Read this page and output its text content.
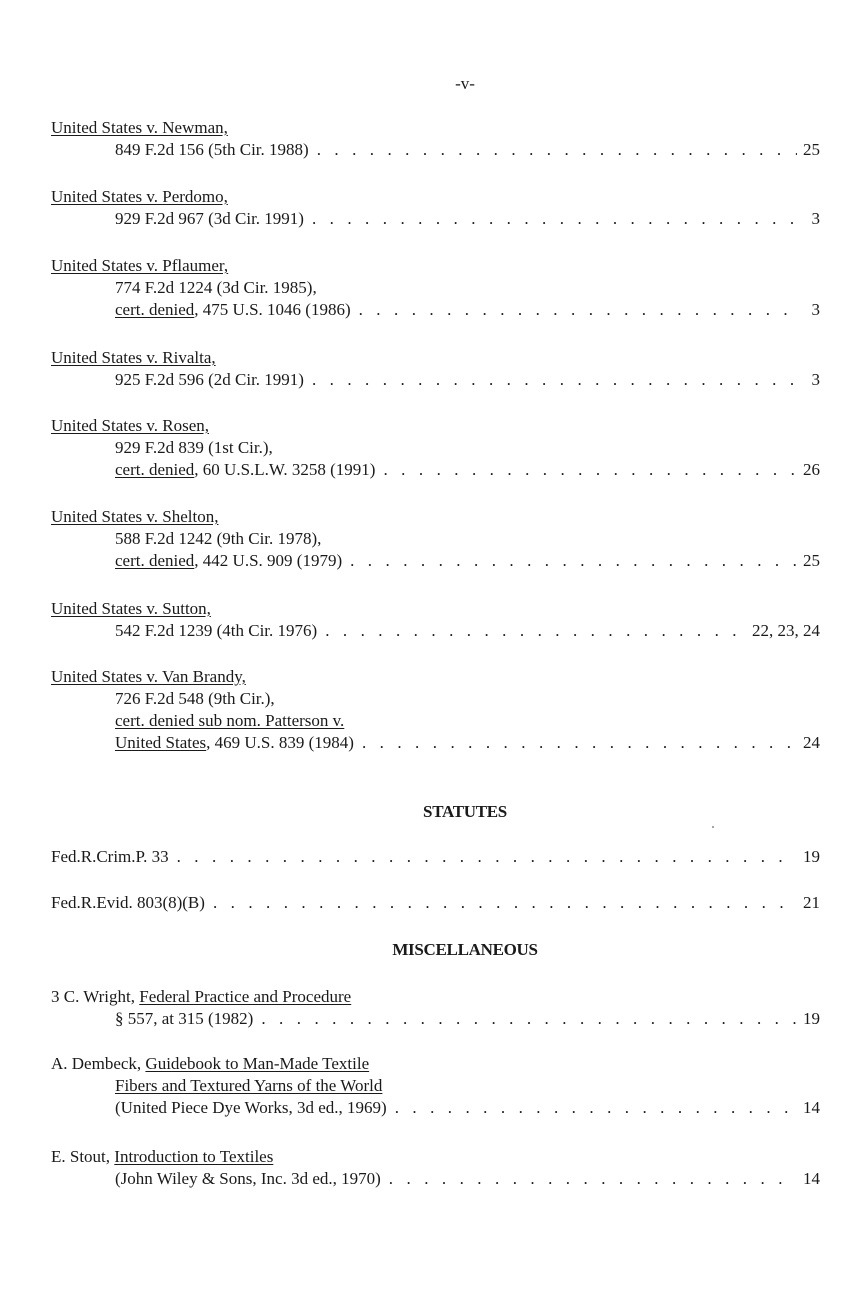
-v-
United States v. Newman,
849 F.2d 156 (5th Cir. 1988) . . .	25
United States v. Perdomo,
929 F.2d 967 (3d Cir. 1991) . . .	3
United States v. Pflaumer,
774 F.2d 1224 (3d Cir. 1985),
cert. denied, 475 U.S. 1046 (1986) . . .	3
United States v. Rivalta,
925 F.2d 596 (2d Cir. 1991) . . .	3
United States v. Rosen,
929 F.2d 839 (1st Cir.),
cert. denied, 60 U.S.L.W. 3258 (1991) . . .	26
United States v. Shelton,
588 F.2d 1242 (9th Cir. 1978),
cert. denied, 442 U.S. 909 (1979) . . .	25
United States v. Sutton,
542 F.2d 1239 (4th Cir. 1976) . . .	22, 23, 24
United States v. Van Brandy,
726 F.2d 548 (9th Cir.),
cert. denied sub nom. Patterson v.
United States, 469 U.S. 839 (1984) . . .	24
STATUTES
Fed.R.Crim.P. 33 . . .	19
Fed.R.Evid. 803(8)(B) . . .	21
MISCELLANEOUS
3 C. Wright, Federal Practice and Procedure
§ 557, at 315 (1982) . . .	19
A. Dembeck, Guidebook to Man-Made Textile
Fibers and Textured Yarns of the World
(United Piece Dye Works, 3d ed., 1969) . . .	14
E. Stout, Introduction to Textiles
(John Wiley & Sons, Inc. 3d ed., 1970) . . .	14
